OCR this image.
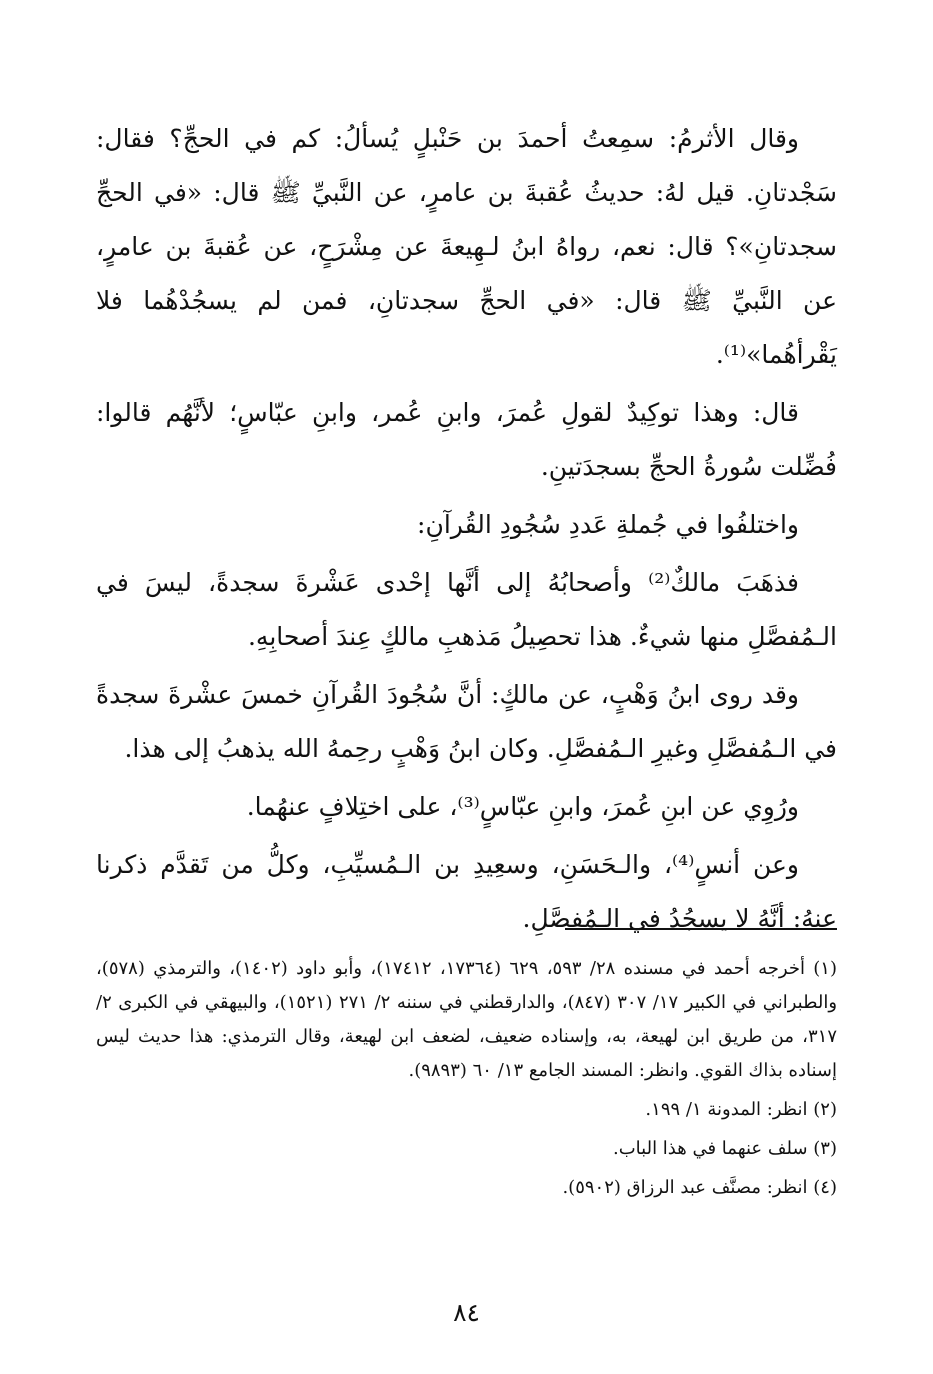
وقال الأثرمُ: سمِعتُ أحمدَ بن حَنْبلٍ يُسألُ: كم في الحجِّ؟ فقال: سَجْدتانِ. قيل لهُ: حديثُ عُقبةَ بن عامرٍ، عن النَّبيِّ ﷺ قال: «في الحجِّ سجدتانِ»؟ قال: نعم، رواهُ ابنُ لـهِيعةَ عن مِشْرَحٍ، عن عُقبةَ بن عامرٍ، عن النَّبيِّ ﷺ قال: «في الحجِّ سجدتانِ، فمن لم يسجُدْهُما فلا يَقْرأهُما»⁽¹⁾.

قال: وهذا توكِيدٌ لقولِ عُمرَ، وابنِ عُمر، وابنِ عبّاسٍ؛ لأنَّهُم قالوا: فُضِّلت سُورةُ الحجِّ بسجدَتينِ.

واختلفُوا في جُملةِ عَددِ سُجُودِ القُرآنِ:

فذهَبَ مالكٌ⁽²⁾ وأصحابُهُ إلى أنَّها إحْدى عَشْرةَ سجدةً، ليسَ في الـمُفصَّلِ منها شيءٌ. هذا تحصِيلُ مَذهبِ مالكٍ عِندَ أصحابِهِ.

وقد روى ابنُ وَهْبٍ، عن مالكٍ: أنَّ سُجُودَ القُرآنِ خمسَ عشْرةَ سجدةً في الـمُفصَّلِ وغيرِ الـمُفصَّلِ. وكان ابنُ وَهْبٍ رحِمهُ الله يذهبُ إلى هذا.

ورُوِي عن ابنِ عُمرَ، وابنِ عبّاسٍ⁽³⁾، على اختِلافٍ عنهُما.

وعن أنسٍ⁽⁴⁾، والـحَسَنِ، وسعِيدِ بن الـمُسيِّبِ، وكلُّ من تَقدَّم ذكرنا عنهُ: أنَّهُ لا يسجُدُ في الـمُفصَّلِ.

(١) أخرجه أحمد في مسنده ٢٨/ ٥٩٣، ٦٢٩ (١٧٣٦٤، ١٧٤١٢)، وأبو داود (١٤٠٢)، والترمذي (٥٧٨)، والطبراني في الكبير ١٧/ ٣٠٧ (٨٤٧)، والدارقطني في سننه ٢/ ٢٧١ (١٥٢١)، والبيهقي في الكبرى ٢/ ٣١٧، من طريق ابن لهيعة، به، وإسناده ضعيف، لضعف ابن لهيعة، وقال الترمذي: هذا حديث ليس إسناده بذاك القوي. وانظر: المسند الجامع ١٣/ ٦٠ (٩٨٩٣).

(٢) انظر: المدونة ١/ ١٩٩.

(٣) سلف عنهما في هذا الباب.

(٤) انظر: مصنَّف عبد الرزاق (٥٩٠٢).

٨٤
